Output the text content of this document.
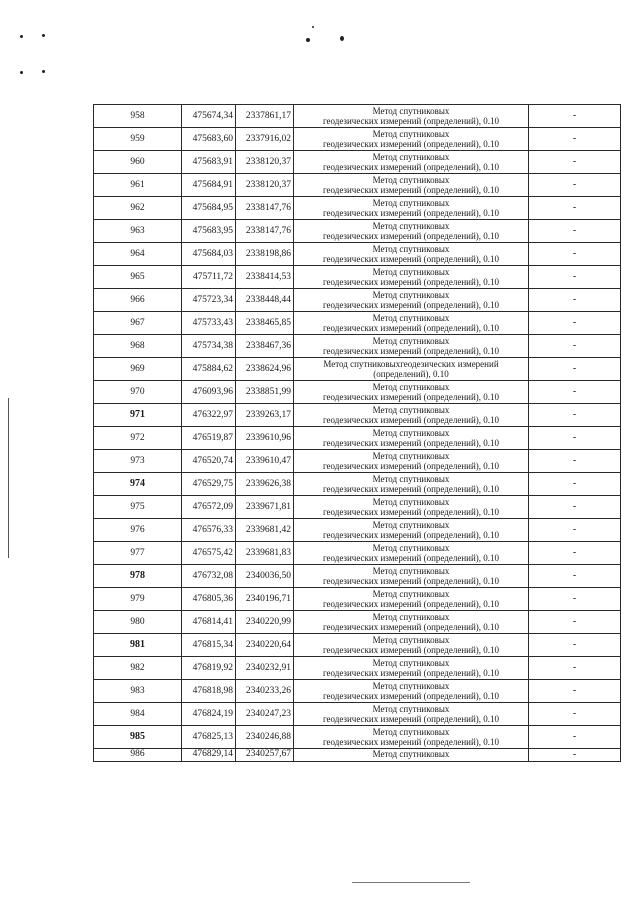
958	475674,34	2337861,17	Метод спутниковых
геодезических измерений (определений), 0.10	-
959	475683,60	2337916,02	Метод спутниковых
геодезических измерений (определений), 0.10	-
960	475683,91	2338120,37	Метод спутниковых
геодезических измерений (определений), 0.10	-
961	475684,91	2338120,37	Метод спутниковых
геодезических измерений (определений), 0.10	-
962	475684,95	2338147,76	Метод спутниковых
геодезических измерений (определений), 0.10	-
963	475683,95	2338147,76	Метод спутниковых
геодезических измерений (определений), 0.10	-
964	475684,03	2338198,86	Метод спутниковых
геодезических измерений (определений), 0.10	-
965	475711,72	2338414,53	Метод спутниковых
геодезических измерений (определений), 0.10	-
966	475723,34	2338448,44	Метод спутниковых
геодезических измерений (определений), 0.10	-
967	475733,43	2338465,85	Метод спутниковых
геодезических измерений (определений), 0.10	-
968	475734,38	2338467,36	Метод спутниковых
геодезических измерений (определений), 0.10	-
969	475884,62	2338624,96	Метод спутниковыхгеодезических измерений
(определений), 0.10	-
970	476093,96	2338851,99	Метод спутниковых
геодезических измерений (определений), 0.10	-
971	476322,97	2339263,17	Метод спутниковых
геодезических измерений (определений), 0.10	-
972	476519,87	2339610,96	Метод спутниковых
геодезических измерений (определений), 0.10	-
973	476520,74	2339610,47	Метод спутниковых
геодезических измерений (определений), 0.10	-
974	476529,75	2339626,38	Метод спутниковых
геодезических измерений (определений), 0.10	-
975	476572,09	2339671,81	Метод спутниковых
геодезических измерений (определений), 0.10	-
976	476576,33	2339681,42	Метод спутниковых
геодезических измерений (определений), 0.10	-
977	476575,42	2339681,83	Метод спутниковых
геодезических измерений (определений), 0.10	-
978	476732,08	2340036,50	Метод спутниковых
геодезических измерений (определений), 0.10	-
979	476805,36	2340196,71	Метод спутниковых
геодезических измерений (определений), 0.10	-
980	476814,41	2340220,99	Метод спутниковых
геодезических измерений (определений), 0.10	-
981	476815,34	2340220,64	Метод спутниковых
геодезических измерений (определений), 0.10	-
982	476819,92	2340232,91	Метод спутниковых
геодезических измерений (определений), 0.10	-
983	476818,98	2340233,26	Метод спутниковых
геодезических измерений (определений), 0.10	-
984	476824,19	2340247,23	Метод спутниковых
геодезических измерений (определений), 0.10	-
985	476825,13	2340246,88	Метод спутниковых
геодезических измерений (определений), 0.10	-
986	476829,14	2340257,67	Метод спутниковых	-
